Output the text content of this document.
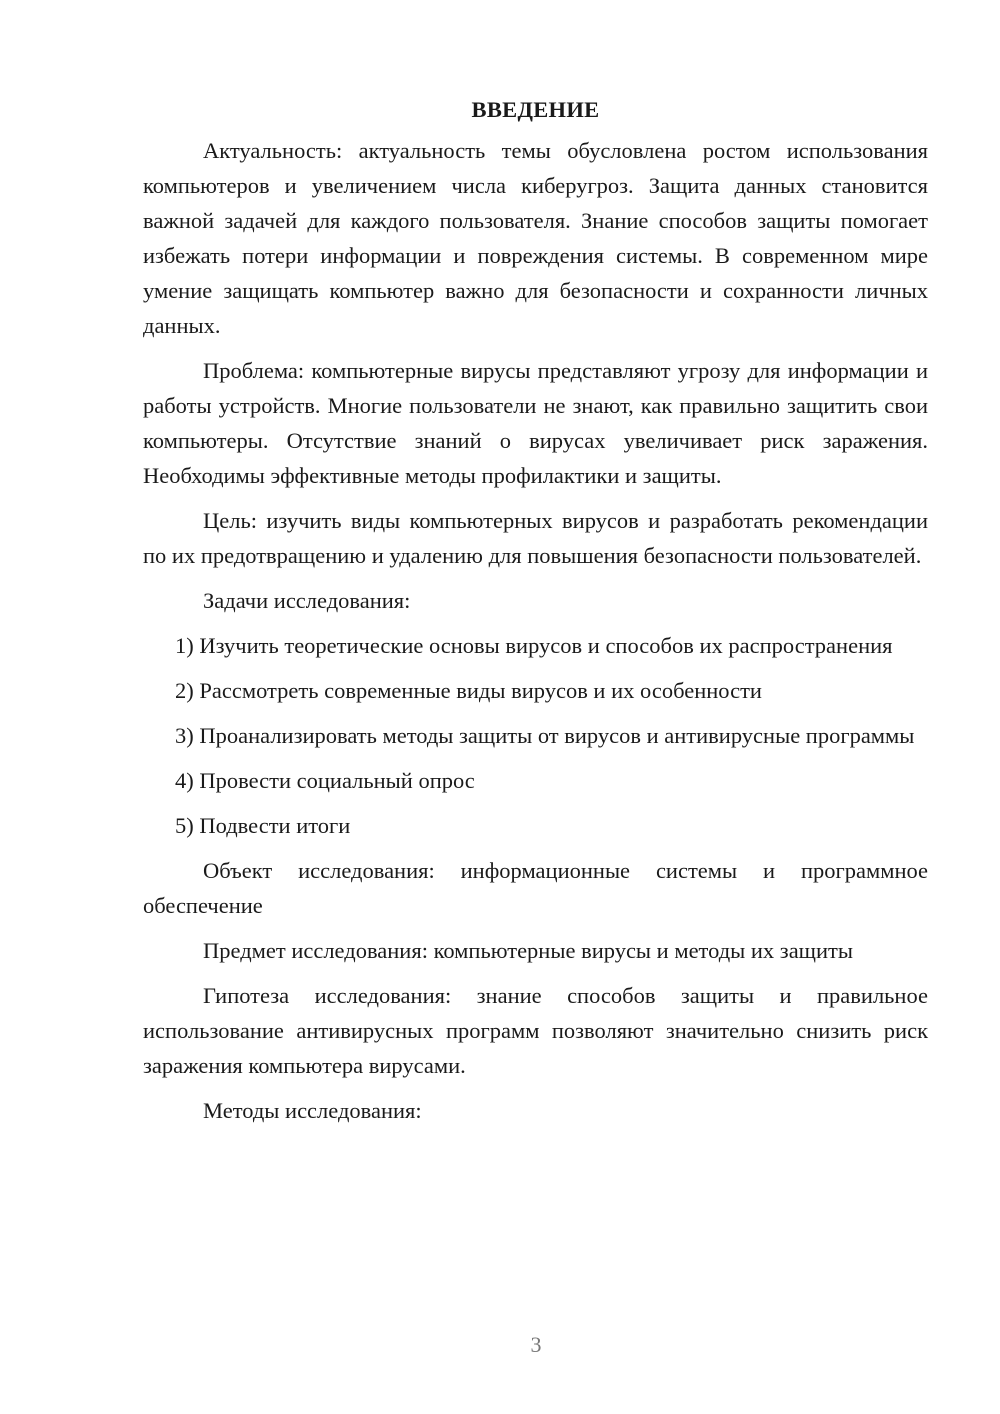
ВВЕДЕНИЕ

Актуальность: актуальность темы обусловлена ростом использования компьютеров и увеличением числа киберугроз. Защита данных становится важной задачей для каждого пользователя. Знание способов защиты помогает избежать потери информации и повреждения системы. В современном мире умение защищать компьютер важно для безопасности и сохранности личных данных.

Проблема: компьютерные вирусы представляют угрозу для информации и работы устройств. Многие пользователи не знают, как правильно защитить свои компьютеры. Отсутствие знаний о вирусах увеличивает риск заражения. Необходимы эффективные методы профилактики и защиты.

Цель: изучить виды компьютерных вирусов и разработать рекомендации по их предотвращению и удалению для повышения безопасности пользователей.

Задачи исследования:

1) Изучить теоретические основы вирусов и способов их распространения

2) Рассмотреть современные виды вирусов и их особенности

3) Проанализировать методы защиты от вирусов и антивирусные программы

4) Провести социальный опрос

5) Подвести итоги

Объект исследования: информационные системы и программное обеспечение

Предмет исследования: компьютерные вирусы и методы их защиты

Гипотеза исследования: знание способов защиты и правильное использование антивирусных программ позволяют значительно снизить риск заражения компьютера вирусами.

Методы исследования:

3
